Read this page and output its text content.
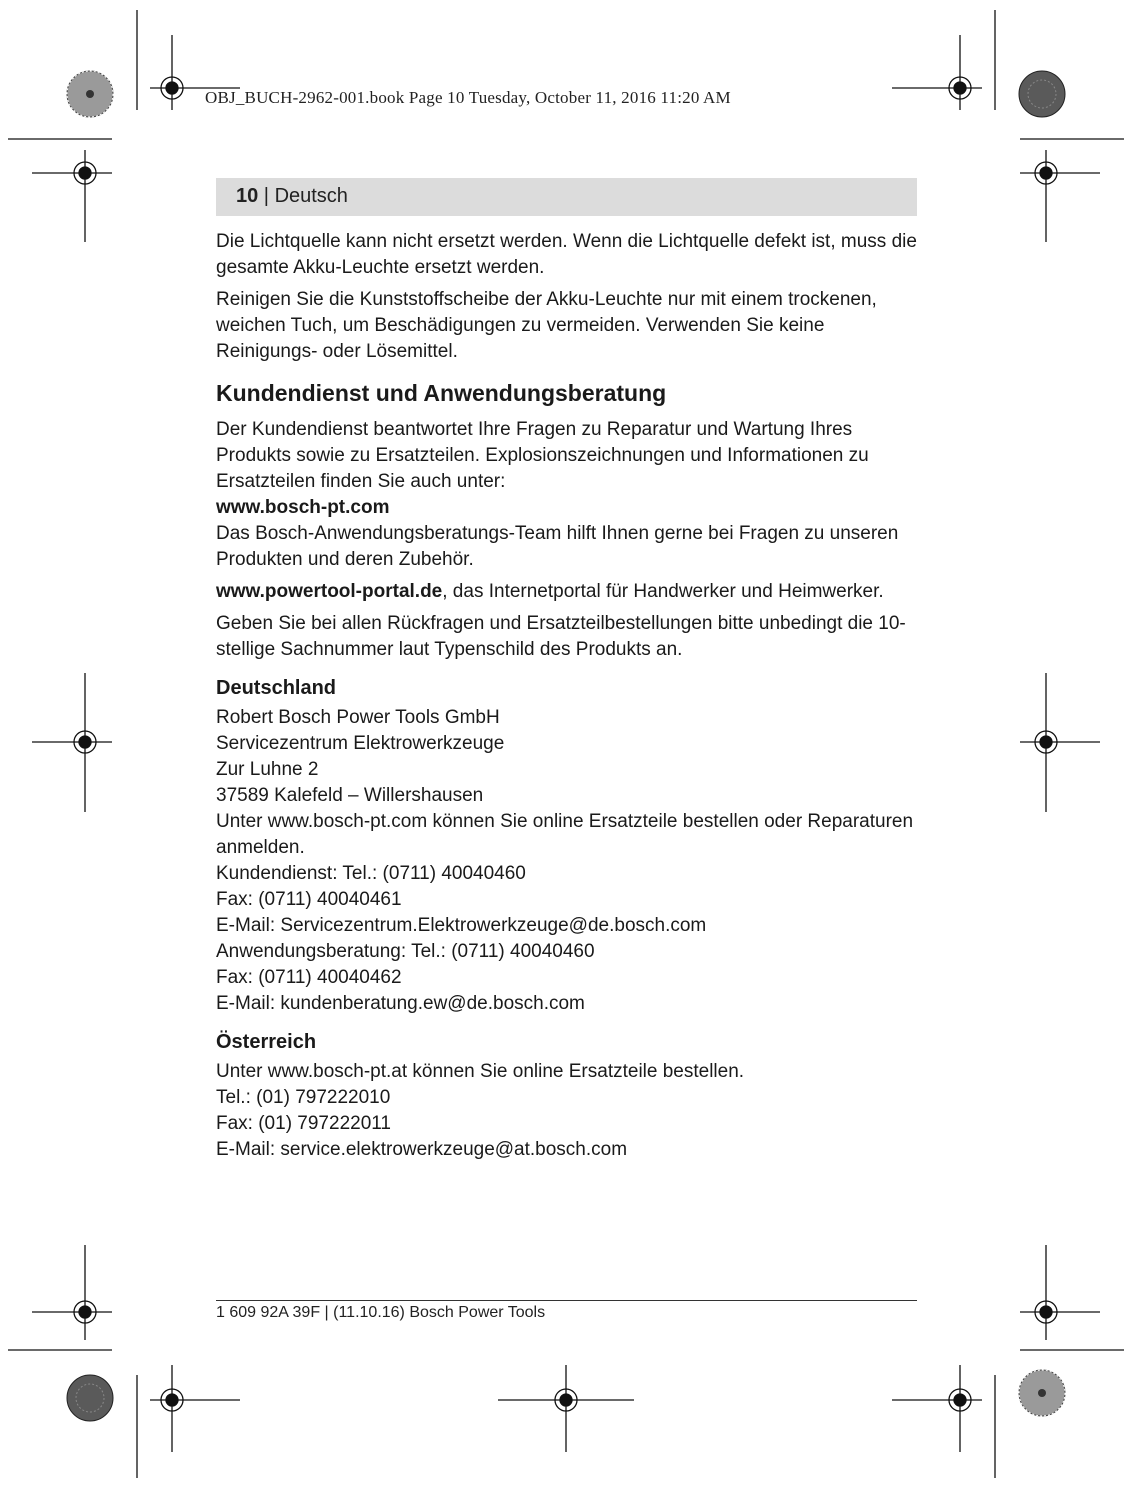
OBJ_BUCH-2962-001.book Page 10 Tuesday, October 11, 2016 11:20 AM
10 | Deutsch

Die Lichtquelle kann nicht ersetzt werden. Wenn die Lichtquelle defekt ist, muss die gesamte Akku-Leuchte ersetzt werden.

Reinigen Sie die Kunststoffscheibe der Akku-Leuchte nur mit einem trockenen, weichen Tuch, um Beschädigungen zu vermeiden. Verwenden Sie keine Reinigungs- oder Lösemittel.

Kundendienst und Anwendungsberatung

Der Kundendienst beantwortet Ihre Fragen zu Reparatur und Wartung Ihres Produkts sowie zu Ersatzteilen. Explosionszeichnungen und Informationen zu Ersatzteilen finden Sie auch unter:
www.bosch-pt.com
Das Bosch-Anwendungsberatungs-Team hilft Ihnen gerne bei Fragen zu unseren Produkten und deren Zubehör.

www.powertool-portal.de, das Internetportal für Handwerker und Heimwerker.

Geben Sie bei allen Rückfragen und Ersatzteilbestellungen bitte unbedingt die 10-stellige Sachnummer laut Typenschild des Produkts an.

Deutschland
Robert Bosch Power Tools GmbH
Servicezentrum Elektrowerkzeuge
Zur Luhne 2
37589 Kalefeld – Willershausen
Unter www.bosch-pt.com können Sie online Ersatzteile bestellen oder Reparaturen anmelden.
Kundendienst: Tel.: (0711) 40040460
Fax: (0711) 40040461
E-Mail: Servicezentrum.Elektrowerkzeuge@de.bosch.com
Anwendungsberatung: Tel.: (0711) 40040460
Fax: (0711) 40040462
E-Mail: kundenberatung.ew@de.bosch.com
Österreich
Unter www.bosch-pt.at können Sie online Ersatzteile bestellen.
Tel.: (01) 797222010
Fax: (01) 797222011
E-Mail: service.elektrowerkzeuge@at.bosch.com
1 609 92A 39F | (11.10.16) Bosch Power Tools
